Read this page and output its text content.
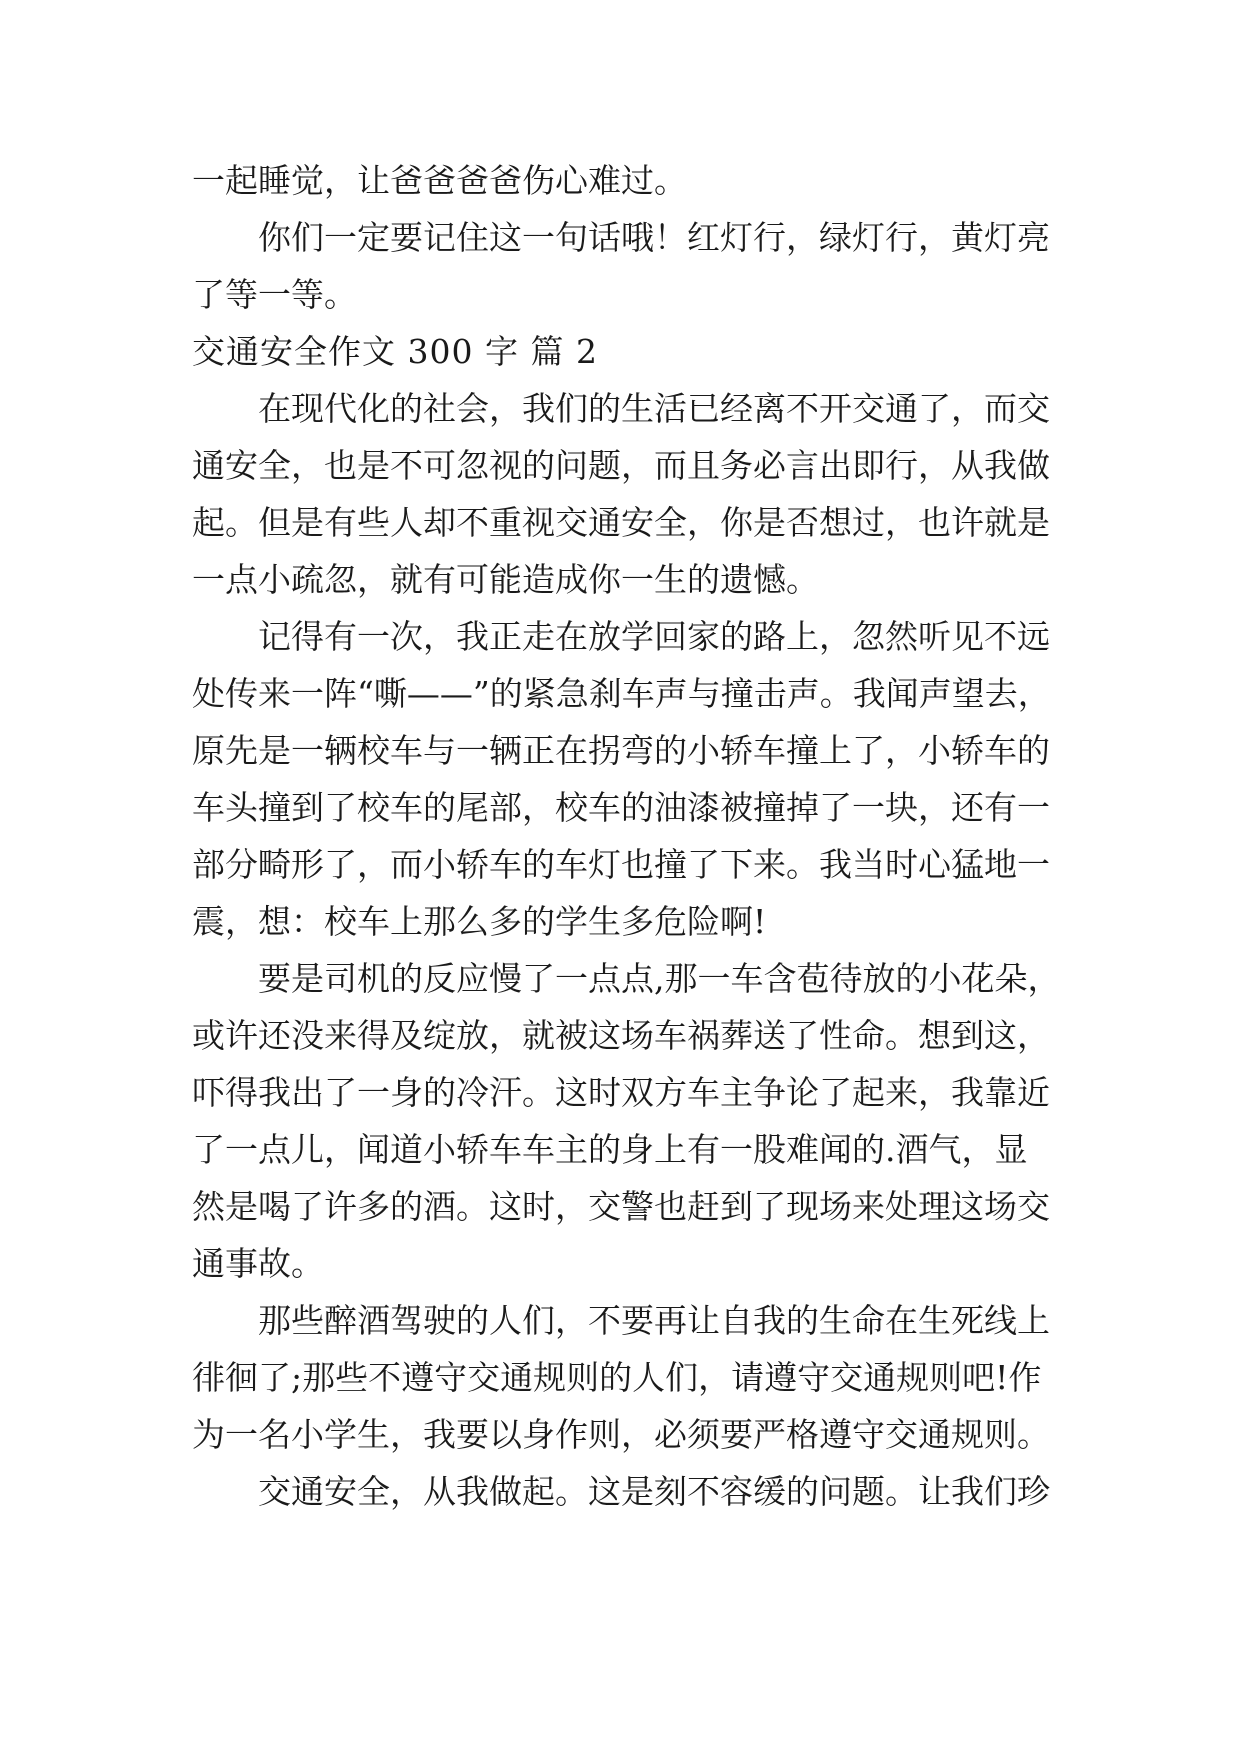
一起睡觉，让爸爸爸爸伤心难过。
你们一定要记住这一句话哦！红灯行，绿灯行，黄灯亮
了等一等。
交通安全作文 300 字 篇 2
在现代化的社会，我们的生活已经离不开交通了，而交
通安全，也是不可忽视的问题，而且务必言出即行，从我做
起。但是有些人却不重视交通安全，你是否想过，也许就是
一点小疏忽，就有可能造成你一生的遗憾。
记得有一次，我正走在放学回家的路上，忽然听见不远
处传来一阵“嘶——”的紧急刹车声与撞击声。我闻声望去，
原先是一辆校车与一辆正在拐弯的小轿车撞上了，小轿车的
车头撞到了校车的尾部，校车的油漆被撞掉了一块，还有一
部分畸形了，而小轿车的车灯也撞了下来。我当时心猛地一
震，想：校车上那么多的学生多危险啊!
要是司机的反应慢了一点点,那一车含苞待放的小花朵，
或许还没来得及绽放，就被这场车祸葬送了性命。想到这，
吓得我出了一身的冷汗。这时双方车主争论了起来，我靠近
了一点儿，闻道小轿车车主的身上有一股难闻的.酒气，显
然是喝了许多的酒。这时，交警也赶到了现场来处理这场交
通事故。
那些醉酒驾驶的人们，不要再让自我的生命在生死线上
徘徊了;那些不遵守交通规则的人们，请遵守交通规则吧!作
为一名小学生，我要以身作则，必须要严格遵守交通规则。
交通安全，从我做起。这是刻不容缓的问题。让我们珍
